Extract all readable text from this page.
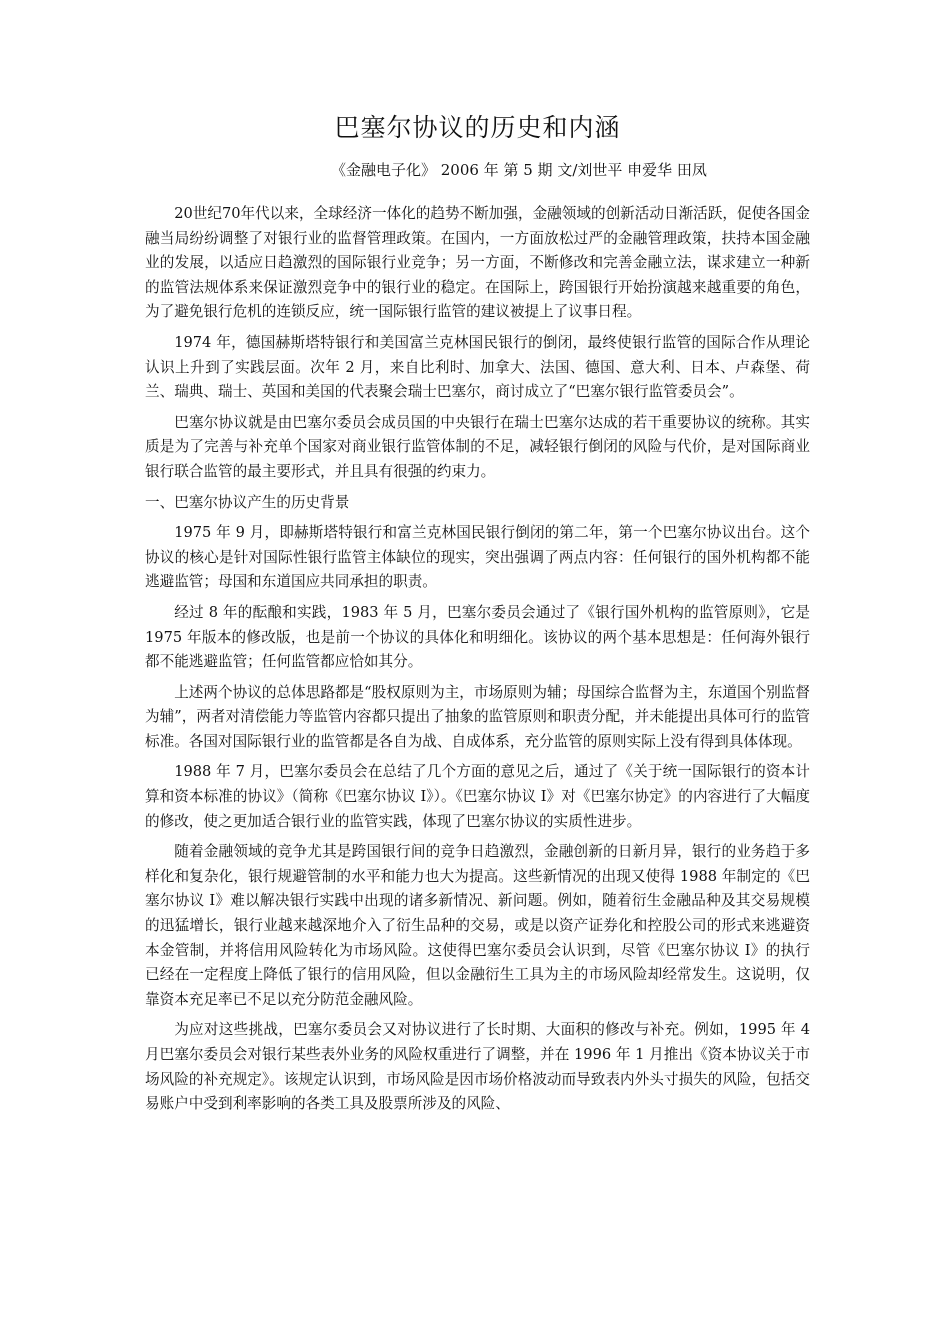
巴塞尔协议的历史和内涵
《金融电子化》 2006 年 第 5 期 文/刘世平 申爱华 田凤

20世纪70年代以来，全球经济一体化的趋势不断加强，金融领域的创新活动日渐活跃，促使各国金融当局纷纷调整了对银行业的监督管理政策。在国内，一方面放松过严的金融管理政策，扶持本国金融业的发展，以适应日趋激烈的国际银行业竞争；另一方面，不断修改和完善金融立法，谋求建立一种新的监管法规体系来保证激烈竞争中的银行业的稳定。在国际上，跨国银行开始扮演越来越重要的角色，为了避免银行危机的连锁反应，统一国际银行监管的建议被提上了议事日程。

1974 年，德国赫斯塔特银行和美国富兰克林国民银行的倒闭，最终使银行监管的国际合作从理论认识上升到了实践层面。次年 2 月，来自比利时、加拿大、法国、德国、意大利、日本、卢森堡、荷兰、瑞典、瑞士、英国和美国的代表聚会瑞士巴塞尔，商讨成立了“巴塞尔银行监管委员会”。

巴塞尔协议就是由巴塞尔委员会成员国的中央银行在瑞士巴塞尔达成的若干重要协议的统称。其实质是为了完善与补充单个国家对商业银行监管体制的不足，减轻银行倒闭的风险与代价，是对国际商业银行联合监管的最主要形式，并且具有很强的约束力。

一、巴塞尔协议产生的历史背景

1975 年 9 月，即赫斯塔特银行和富兰克林国民银行倒闭的第二年，第一个巴塞尔协议出台。这个协议的核心是针对国际性银行监管主体缺位的现实，突出强调了两点内容：任何银行的国外机构都不能逃避监管；母国和东道国应共同承担的职责。

经过 8 年的酝酿和实践，1983 年 5 月，巴塞尔委员会通过了《银行国外机构的监管原则》，它是 1975 年版本的修改版，也是前一个协议的具体化和明细化。该协议的两个基本思想是：任何海外银行都不能逃避监管；任何监管都应恰如其分。

上述两个协议的总体思路都是“股权原则为主，市场原则为辅；母国综合监督为主，东道国个别监督为辅”，两者对清偿能力等监管内容都只提出了抽象的监管原则和职责分配，并未能提出具体可行的监管标准。各国对国际银行业的监管都是各自为战、自成体系，充分监管的原则实际上没有得到具体体现。

1988 年 7 月，巴塞尔委员会在总结了几个方面的意见之后，通过了《关于统一国际银行的资本计算和资本标准的协议》（简称《巴塞尔协议 I》）。《巴塞尔协议 I》对《巴塞尔协定》的内容进行了大幅度的修改，使之更加适合银行业的监管实践，体现了巴塞尔协议的实质性进步。

随着金融领域的竞争尤其是跨国银行间的竞争日趋激烈，金融创新的日新月异，银行的业务趋于多样化和复杂化，银行规避管制的水平和能力也大为提高。这些新情况的出现又使得 1988 年制定的《巴塞尔协议 I》难以解决银行实践中出现的诸多新情况、新问题。例如，随着衍生金融品种及其交易规模的迅猛增长，银行业越来越深地介入了衍生品种的交易，或是以资产证券化和控股公司的形式来逃避资本金管制，并将信用风险转化为市场风险。这使得巴塞尔委员会认识到，尽管《巴塞尔协议 I》的执行已经在一定程度上降低了银行的信用风险，但以金融衍生工具为主的市场风险却经常发生。这说明，仅靠资本充足率已不足以充分防范金融风险。

为应对这些挑战，巴塞尔委员会又对协议进行了长时期、大面积的修改与补充。例如，1995 年 4 月巴塞尔委员会对银行某些表外业务的风险权重进行了调整，并在 1996 年 1 月推出《资本协议关于市场风险的补充规定》。该规定认识到，市场风险是因市场价格波动而导致表内外头寸损失的风险，包括交易账户中受到利率影响的各类工具及股票所涉及的风险、
